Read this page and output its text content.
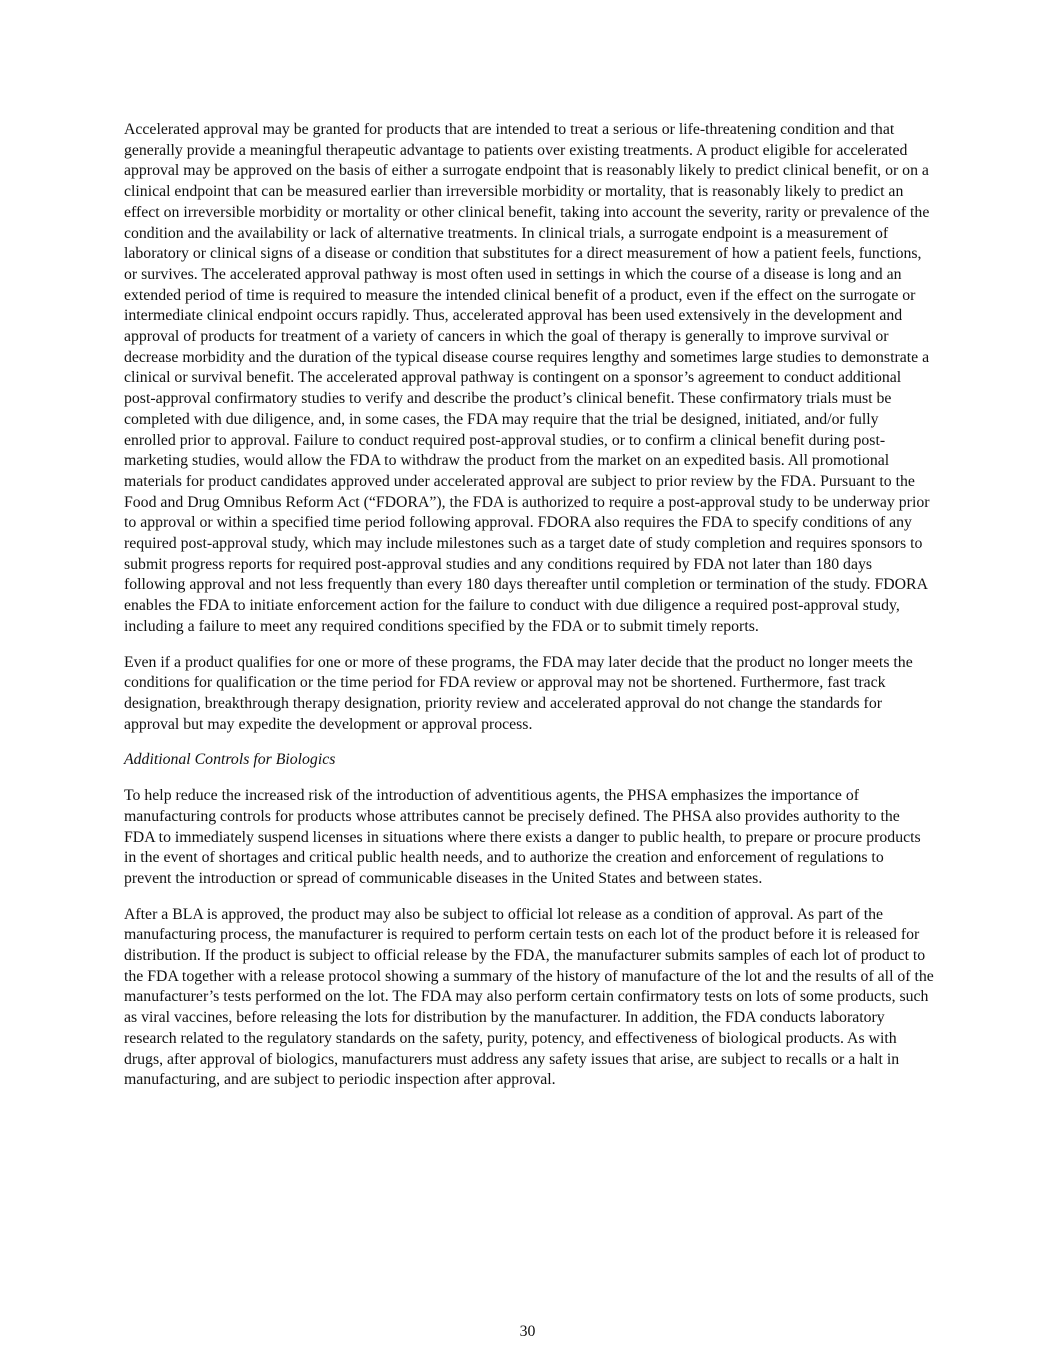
Accelerated approval may be granted for products that are intended to treat a serious or life-threatening condition and that generally provide a meaningful therapeutic advantage to patients over existing treatments. A product eligible for accelerated approval may be approved on the basis of either a surrogate endpoint that is reasonably likely to predict clinical benefit, or on a clinical endpoint that can be measured earlier than irreversible morbidity or mortality, that is reasonably likely to predict an effect on irreversible morbidity or mortality or other clinical benefit, taking into account the severity, rarity or prevalence of the condition and the availability or lack of alternative treatments. In clinical trials, a surrogate endpoint is a measurement of laboratory or clinical signs of a disease or condition that substitutes for a direct measurement of how a patient feels, functions, or survives. The accelerated approval pathway is most often used in settings in which the course of a disease is long and an extended period of time is required to measure the intended clinical benefit of a product, even if the effect on the surrogate or intermediate clinical endpoint occurs rapidly. Thus, accelerated approval has been used extensively in the development and approval of products for treatment of a variety of cancers in which the goal of therapy is generally to improve survival or decrease morbidity and the duration of the typical disease course requires lengthy and sometimes large studies to demonstrate a clinical or survival benefit. The accelerated approval pathway is contingent on a sponsor’s agreement to conduct additional post-approval confirmatory studies to verify and describe the product’s clinical benefit. These confirmatory trials must be completed with due diligence, and, in some cases, the FDA may require that the trial be designed, initiated, and/or fully enrolled prior to approval. Failure to conduct required post-approval studies, or to confirm a clinical benefit during post-marketing studies, would allow the FDA to withdraw the product from the market on an expedited basis. All promotional materials for product candidates approved under accelerated approval are subject to prior review by the FDA. Pursuant to the Food and Drug Omnibus Reform Act (“FDORA”), the FDA is authorized to require a post-approval study to be underway prior to approval or within a specified time period following approval. FDORA also requires the FDA to specify conditions of any required post-approval study, which may include milestones such as a target date of study completion and requires sponsors to submit progress reports for required post-approval studies and any conditions required by FDA not later than 180 days following approval and not less frequently than every 180 days thereafter until completion or termination of the study. FDORA enables the FDA to initiate enforcement action for the failure to conduct with due diligence a required post-approval study, including a failure to meet any required conditions specified by the FDA or to submit timely reports.

Even if a product qualifies for one or more of these programs, the FDA may later decide that the product no longer meets the conditions for qualification or the time period for FDA review or approval may not be shortened. Furthermore, fast track designation, breakthrough therapy designation, priority review and accelerated approval do not change the standards for approval but may expedite the development or approval process.

Additional Controls for Biologics

To help reduce the increased risk of the introduction of adventitious agents, the PHSA emphasizes the importance of manufacturing controls for products whose attributes cannot be precisely defined. The PHSA also provides authority to the FDA to immediately suspend licenses in situations where there exists a danger to public health, to prepare or procure products in the event of shortages and critical public health needs, and to authorize the creation and enforcement of regulations to prevent the introduction or spread of communicable diseases in the United States and between states.

After a BLA is approved, the product may also be subject to official lot release as a condition of approval. As part of the manufacturing process, the manufacturer is required to perform certain tests on each lot of the product before it is released for distribution. If the product is subject to official release by the FDA, the manufacturer submits samples of each lot of product to the FDA together with a release protocol showing a summary of the history of manufacture of the lot and the results of all of the manufacturer’s tests performed on the lot. The FDA may also perform certain confirmatory tests on lots of some products, such as viral vaccines, before releasing the lots for distribution by the manufacturer. In addition, the FDA conducts laboratory research related to the regulatory standards on the safety, purity, potency, and effectiveness of biological products. As with drugs, after approval of biologics, manufacturers must address any safety issues that arise, are subject to recalls or a halt in manufacturing, and are subject to periodic inspection after approval.

30
